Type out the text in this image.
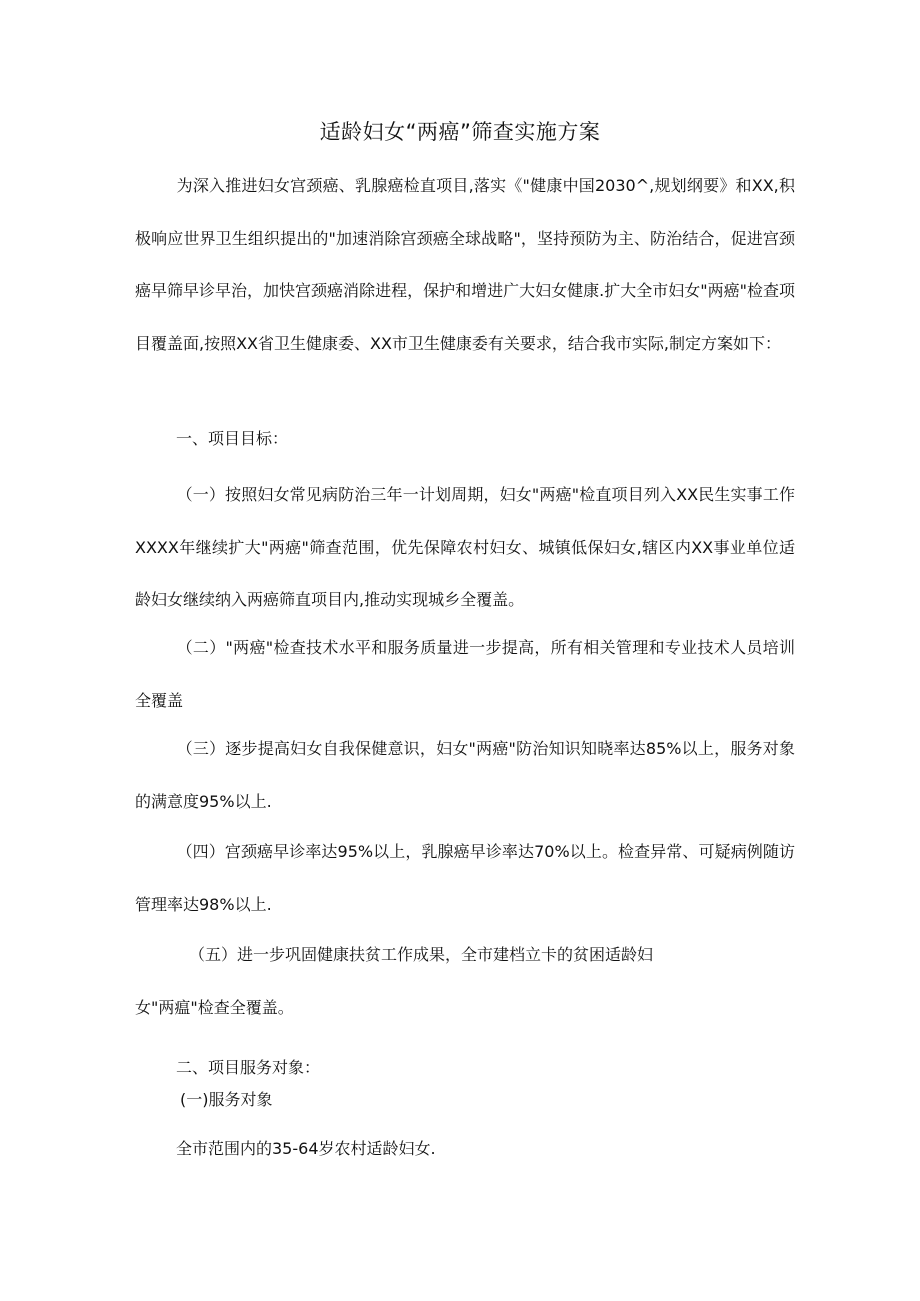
适龄妇女“两癌”筛查实施方案

为深入推进妇女宫颈癌、乳腺癌检直项目,落实《"健康中国2030^,规划纲要》和XX,积极响应世界卫生组织提出的"加速消除宫颈癌全球战略"，坚持预防为主、防治结合，促进宫颈癌早筛早诊早治，加快宫颈癌消除进程，保护和增进广大妇女健康.扩大全市妇女"两癌"检查项目覆盖面,按照XX省卫生健康委、XX市卫生健康委有关要求，结合我市实际,制定方案如下：

一、项目目标：

（一）按照妇女常见病防治三年一计划周期，妇女"两癌"检直项目列入XX民生实事工作XXXX年继续扩大"两癌"筛查范围，优先保障农村妇女、城镇低保妇女,辖区内XX事业单位适龄妇女继续纳入两癌筛直项目内,推动实现城乡全覆盖。

（二）"两癌"检查技术水平和服务质量进一步提高，所有相关管理和专业技术人员培训全覆盖

（三）逐步提高妇女自我保健意识，妇女"两癌"防治知识知晓率达85%以上，服务对象的满意度95%以上.

（四）宫颈癌早诊率达95%以上，乳腺癌早诊率达70%以上。检查异常、可疑病例随访管理率达98%以上.

（五）进一步巩固健康扶贫工作成果，全市建档立卡的贫困适龄妇
女"两瘟"检查全覆盖。
二、项目服务对象：
(一)服务对象
全市范围内的35-64岁农村适龄妇女.
